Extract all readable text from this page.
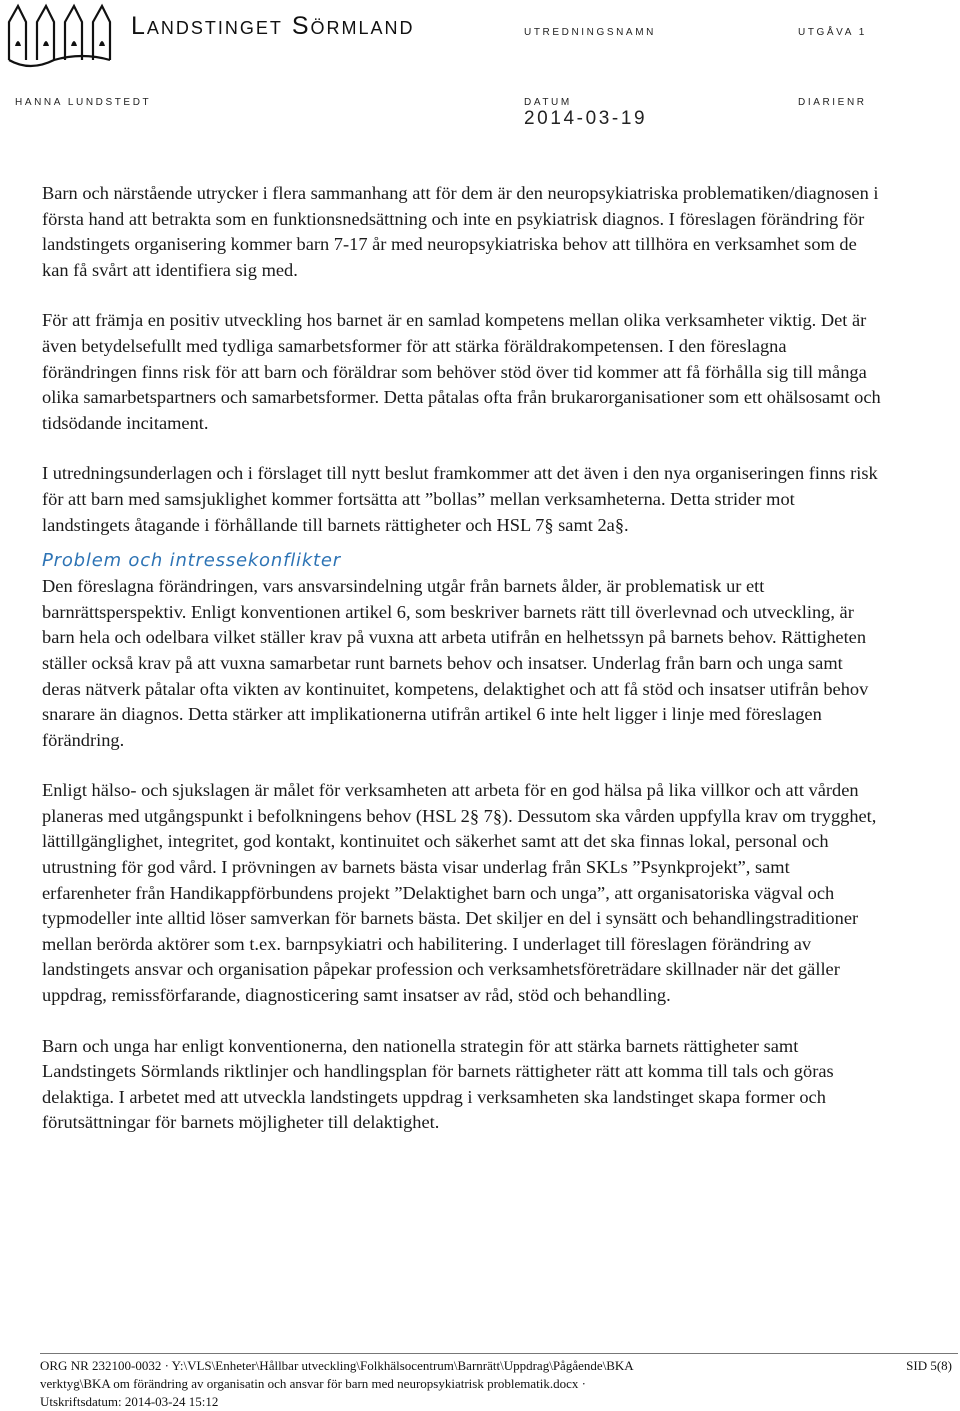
Landstinget Sörmland	UTREDNINGSNAMN	UTGÅVA 1
HANNA LUNDSTEDT	DATUM	DIARIENR
2014-03-19

Barn och närstående utrycker i flera sammanhang att för dem är den neuropsykiatriska problematiken/diagnosen i första hand att betrakta som en funktionsnedsättning och inte en psykiatrisk diagnos. I föreslagen förändring för landstingets organisering kommer barn 7-17 år med neuropsykiatriska behov att tillhöra en verksamhet som de kan få svårt att identifiera sig med.

För att främja en positiv utveckling hos barnet är en samlad kompetens mellan olika verksamheter viktig. Det är även betydelsefullt med tydliga samarbetsformer för att stärka föräldrakompetensen. I den föreslagna förändringen finns risk för att barn och föräldrar som behöver stöd över tid kommer att få förhålla sig till många olika samarbetspartners och samarbetsformer. Detta påtalas ofta från brukarorganisationer som ett ohälsosamt och tidsödande incitament.

I utredningsunderlagen och i förslaget till nytt beslut framkommer att det även i den nya organiseringen finns risk för att barn med samsjuklighet kommer fortsätta att ”bollas” mellan verksamheterna. Detta strider mot landstingets åtagande i förhållande till barnets rättigheter och HSL 7§ samt 2a§.

Problem och intressekonflikter

Den föreslagna förändringen, vars ansvarsindelning utgår från barnets ålder, är problematisk ur ett barnrättsperspektiv. Enligt konventionen artikel 6, som beskriver barnets rätt till överlevnad och utveckling, är barn hela och odelbara vilket ställer krav på vuxna att arbeta utifrån en helhetssyn på barnets behov. Rättigheten ställer också krav på att vuxna samarbetar runt barnets behov och insatser. Underlag från barn och unga samt deras nätverk påtalar ofta vikten av kontinuitet, kompetens, delaktighet och att få stöd och insatser utifrån behov snarare än diagnos. Detta stärker att implikationerna utifrån artikel 6 inte helt ligger i linje med föreslagen förändring.

Enligt hälso- och sjukslagen är målet för verksamheten att arbeta för en god hälsa på lika villkor och att vården planeras med utgångspunkt i befolkningens behov (HSL 2§ 7§). Dessutom ska vården uppfylla krav om trygghet, lättillgänglighet, integritet, god kontakt, kontinuitet och säkerhet samt att det ska finnas lokal, personal och utrustning för god vård. I prövningen av barnets bästa visar underlag från SKLs ”Psynkprojekt”, samt erfarenheter från Handikappförbundens projekt ”Delaktighet barn och unga”, att organisatoriska vägval och typmodeller inte alltid löser samverkan för barnets bästa. Det skiljer en del i synsätt och behandlingstraditioner mellan berörda aktörer som t.ex. barnpsykiatri och habilitering. I underlaget till föreslagen förändring av landstingets ansvar och organisation påpekar profession och verksamhetsföreträdare skillnader när det gäller uppdrag, remissförfarande, diagnosticering samt insatser av råd, stöd och behandling.

Barn och unga har enligt konventionerna, den nationella strategin för att stärka barnets rättigheter samt Landstingets Sörmlands riktlinjer och handlingsplan för barnets rättigheter rätt att komma till tals och göras delaktiga. I arbetet med att utveckla landstingets uppdrag i verksamheten ska landstinget skapa former och förutsättningar för barnets möjligheter till delaktighet.

ORG NR 232100-0032 · Y:\VLS\Enheter\Hållbar utveckling\Folkhälsocentrum\Barnrätt\Uppdrag\Pågående\BKA
verktyg\BKA om förändring av organisatin och ansvar för barn med neuropsykiatrisk problematik.docx ·
Utskriftsdatum: 2014-03-24 15:12
SID 5(8)
